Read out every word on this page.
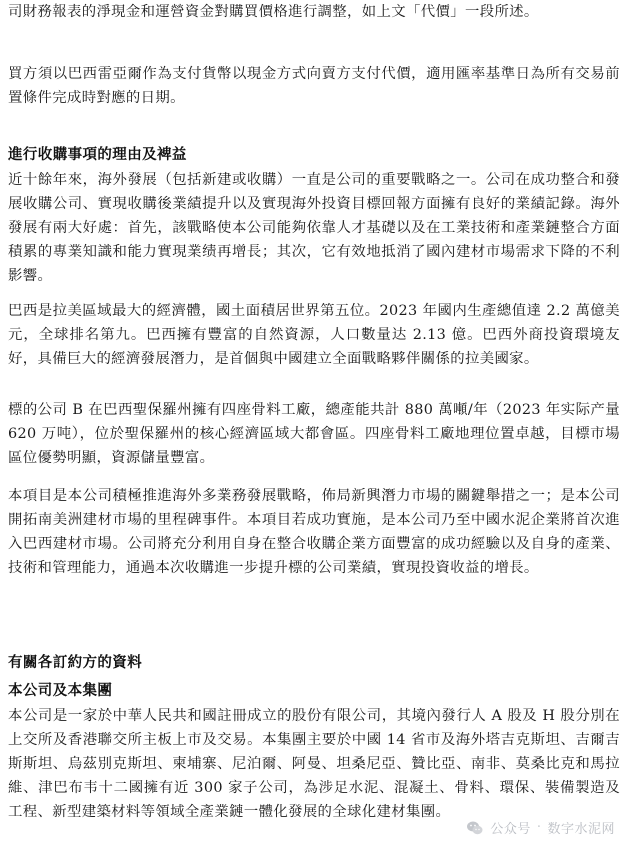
司財務報表的淨現金和運營資金對購買價格進行調整，如上文「代價」一段所述。

買方須以巴西雷亞爾作為支付貨幣以現金方式向賣方支付代價，適用匯率基準日為所有交易前置條件完成時對應的日期。

進行收購事項的理由及裨益

近十餘年來，海外發展（包括新建或收購）一直是公司的重要戰略之一。公司在成功整合和發展收購公司、實現收購後業績提升以及實現海外投資目標回報方面擁有良好的業績記錄。海外發展有兩大好處：首先，該戰略使本公司能夠依靠人才基礎以及在工業技術和產業鏈整合方面積累的專業知識和能力實現業绩再增長；其次，它有效地抵消了國內建材市場需求下降的不利影響。

巴西是拉美區域最大的經濟體，國土面積居世界第五位。2023 年國内生產總值達 2.2 萬億美元，全球排名第九。巴西擁有豐富的自然資源，人口數量达 2.13 億。巴西外商投資環境友好，具備巨大的經濟發展潛力，是首個與中國建立全面戰略夥伴關係的拉美國家。

標的公司 B 在巴西聖保羅州擁有四座骨料工廠，總產能共計 880 萬噸/年（2023 年实际产量 620 万吨），位於聖保羅州的核心經濟區域大都會區。四座骨料工廠地理位置卓越，目標市場區位優勢明顯，資源儲量豐富。

本項目是本公司積極推進海外多業務發展戰略，佈局新興潛力市場的關鍵舉措之一；是本公司開拓南美洲建材市場的里程碑事件。本項目若成功實施，是本公司乃至中國水泥企業將首次進入巴西建材市場。公司將充分利用自身在整合收購企業方面豐富的成功經驗以及自身的產業、技術和管理能力，通過本次收購進一步提升標的公司業績，實現投資收益的增長。

有關各訂約方的資料
本公司及本集團

本公司是一家於中華人民共和國註冊成立的股份有限公司，其境內發行人 A 股及 H 股分別在上交所及香港聯交所主板上市及交易。本集團主要於中國 14 省市及海外塔吉克斯坦、吉爾吉斯斯坦、烏茲別克斯坦、柬埔寨、尼泊爾、阿曼、坦桑尼亞、贊比亞、南非、莫桑比克和馬拉維、津巴布韦十二國擁有近 300 家子公司，為涉足水泥、混凝土、骨料、環保、裝備製造及工程、新型建築材料等領域全產業鏈一體化發展的全球化建材集團。

公众号 · 数字水泥网
